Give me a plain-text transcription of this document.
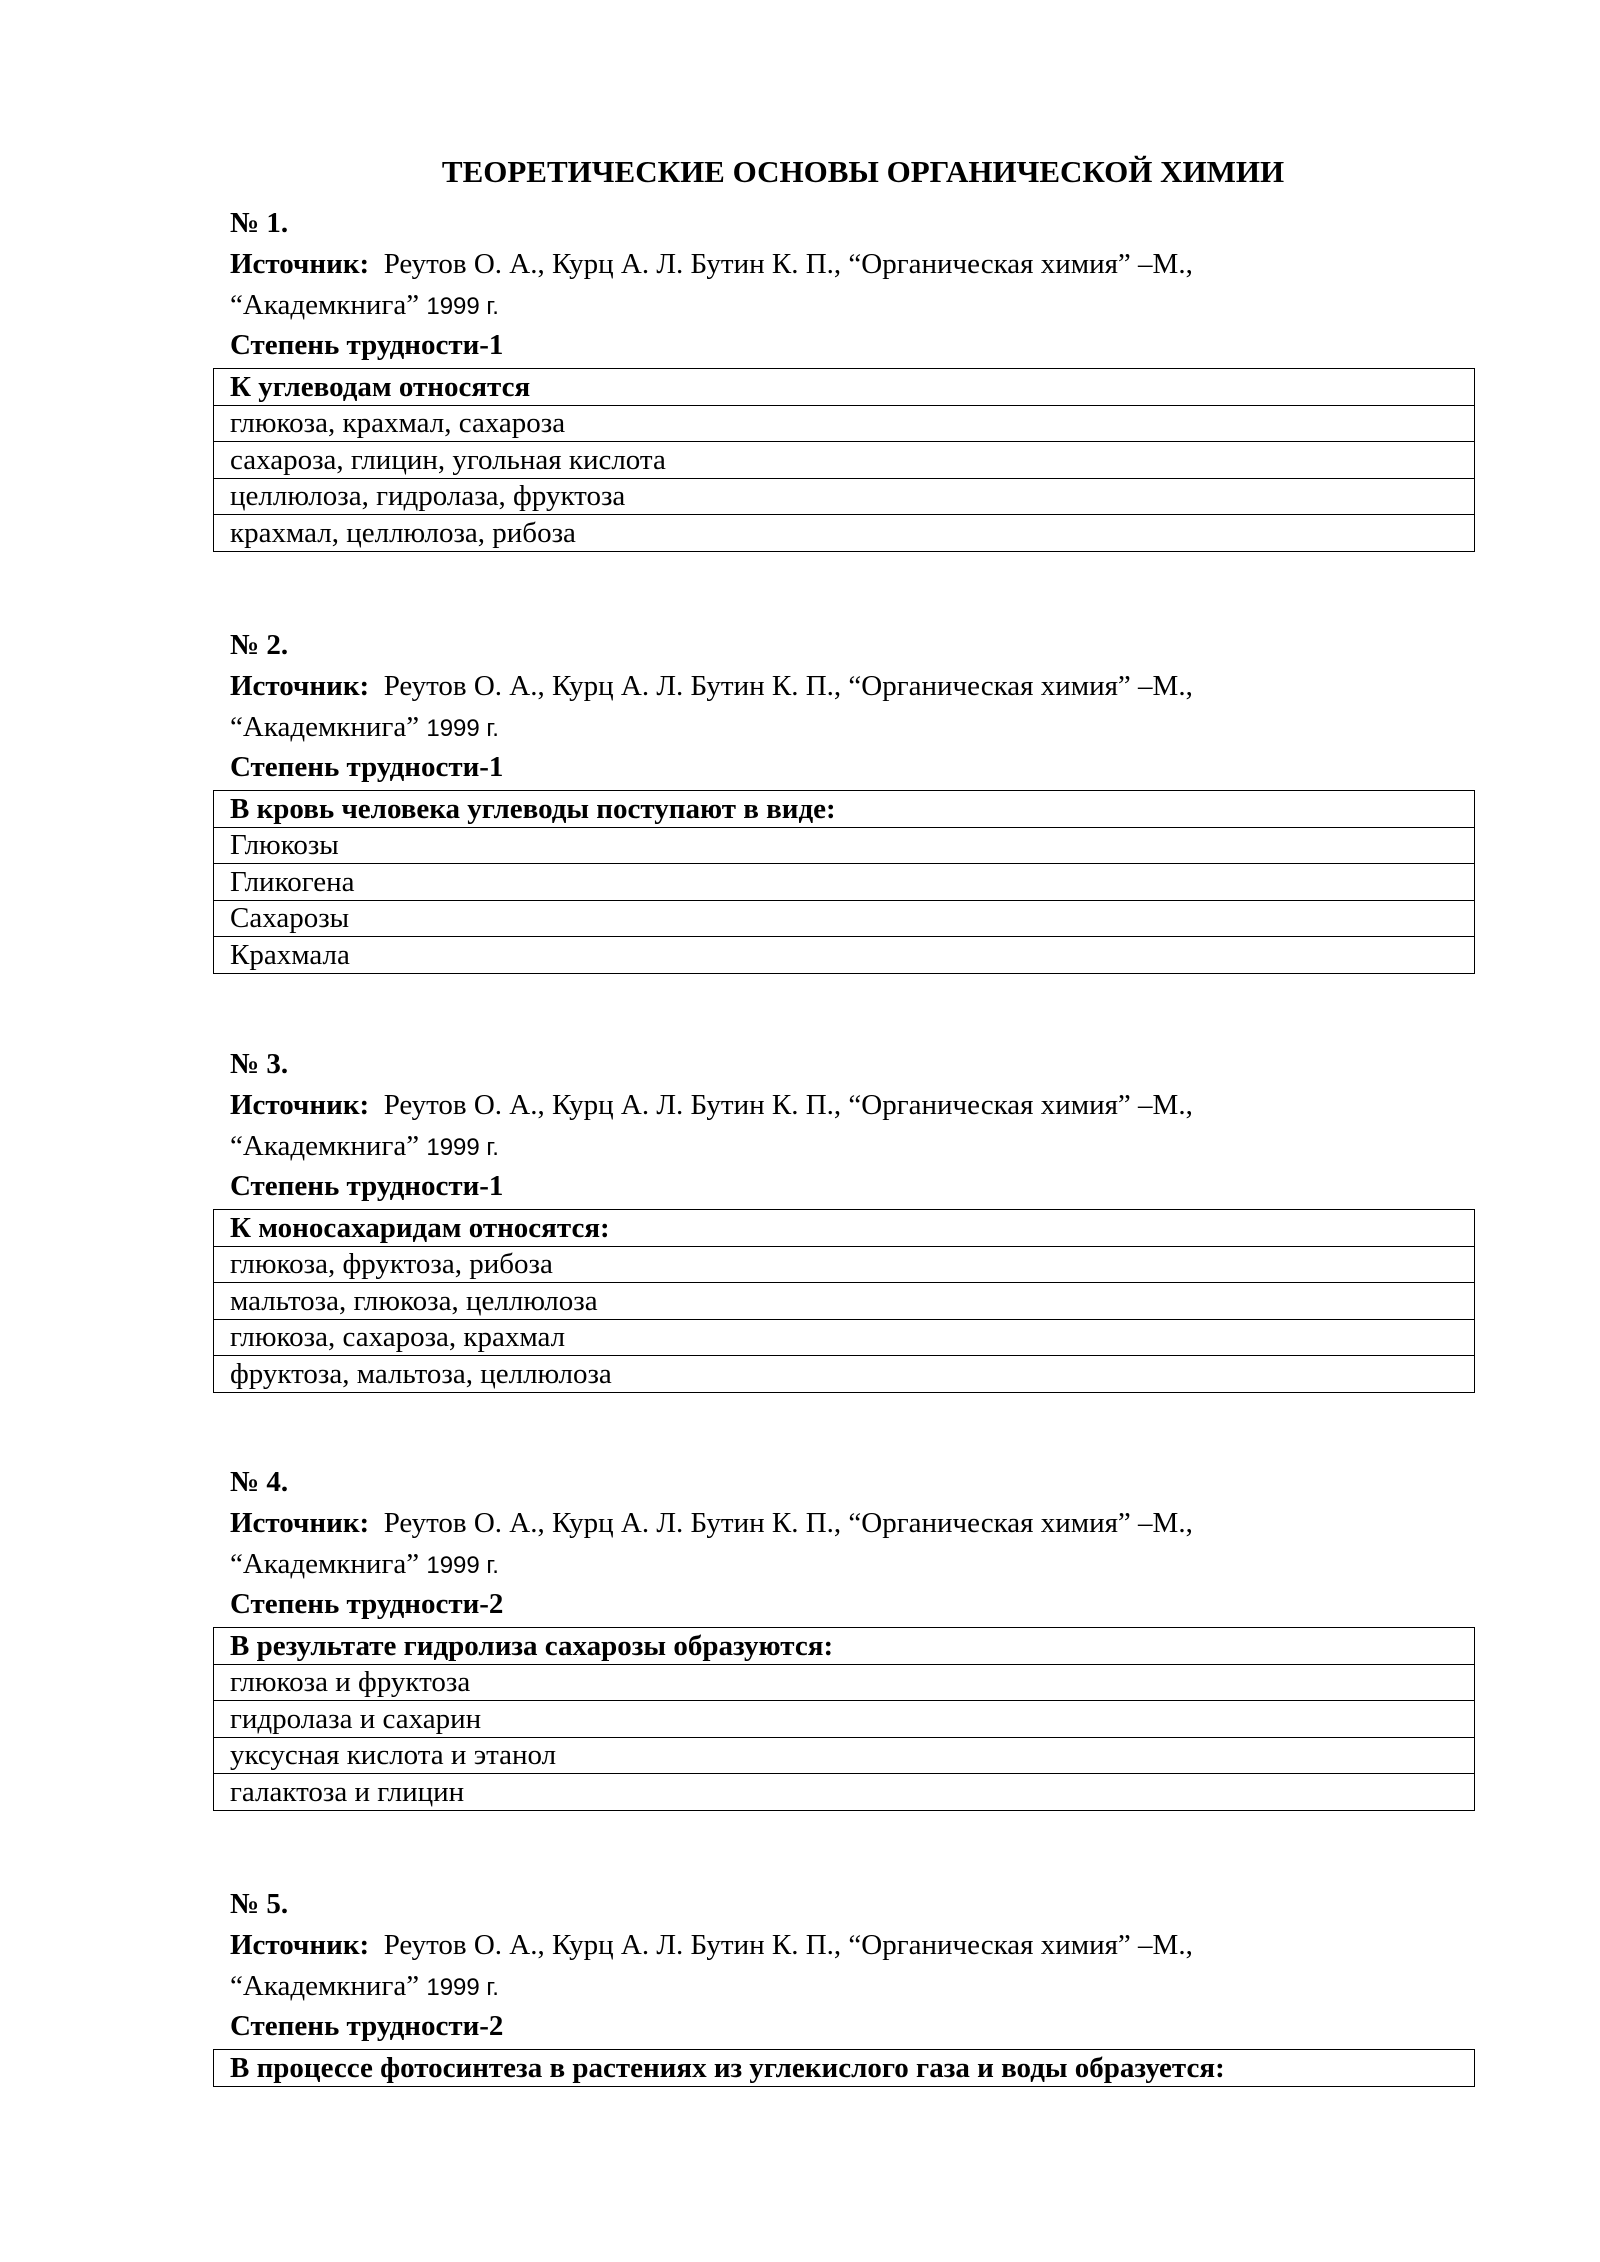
ТЕОРЕТИЧЕСКИЕ ОСНОВЫ ОРГАНИЧЕСКОЙ ХИМИИ
№ 1.
Источник: Реутов О. А., Курц А. Л. Бутин К. П., “Органическая химия” –М.,
“Академкнига” 1999 г.
Степень трудности-1
К углеводам относятся
глюкоза, крахмал, сахароза
сахароза, глицин, угольная кислота
целлюлоза, гидролаза, фруктоза
крахмал, целлюлоза, рибоза
№ 2.
Источник: Реутов О. А., Курц А. Л. Бутин К. П., “Органическая химия” –М.,
“Академкнига” 1999 г.
Степень трудности-1
В кровь человека углеводы поступают в виде:
Глюкозы
Гликогена
Сахарозы
Крахмала
№ 3.
Источник: Реутов О. А., Курц А. Л. Бутин К. П., “Органическая химия” –М.,
“Академкнига” 1999 г.
Степень трудности-1
К моносахаридам относятся:
глюкоза, фруктоза, рибоза
мальтоза, глюкоза, целлюлоза
глюкоза, сахароза, крахмал
фруктоза, мальтоза, целлюлоза
№ 4.
Источник: Реутов О. А., Курц А. Л. Бутин К. П., “Органическая химия” –М.,
“Академкнига” 1999 г.
Степень трудности-2
В результате гидролиза сахарозы образуются:
глюкоза и фруктоза
гидролаза и сахарин
уксусная кислота и этанол
галактоза и глицин
№ 5.
Источник: Реутов О. А., Курц А. Л. Бутин К. П., “Органическая химия” –М.,
“Академкнига” 1999 г.
Степень трудности-2
В процессе фотосинтеза в растениях из углекислого газа и воды образуется:
